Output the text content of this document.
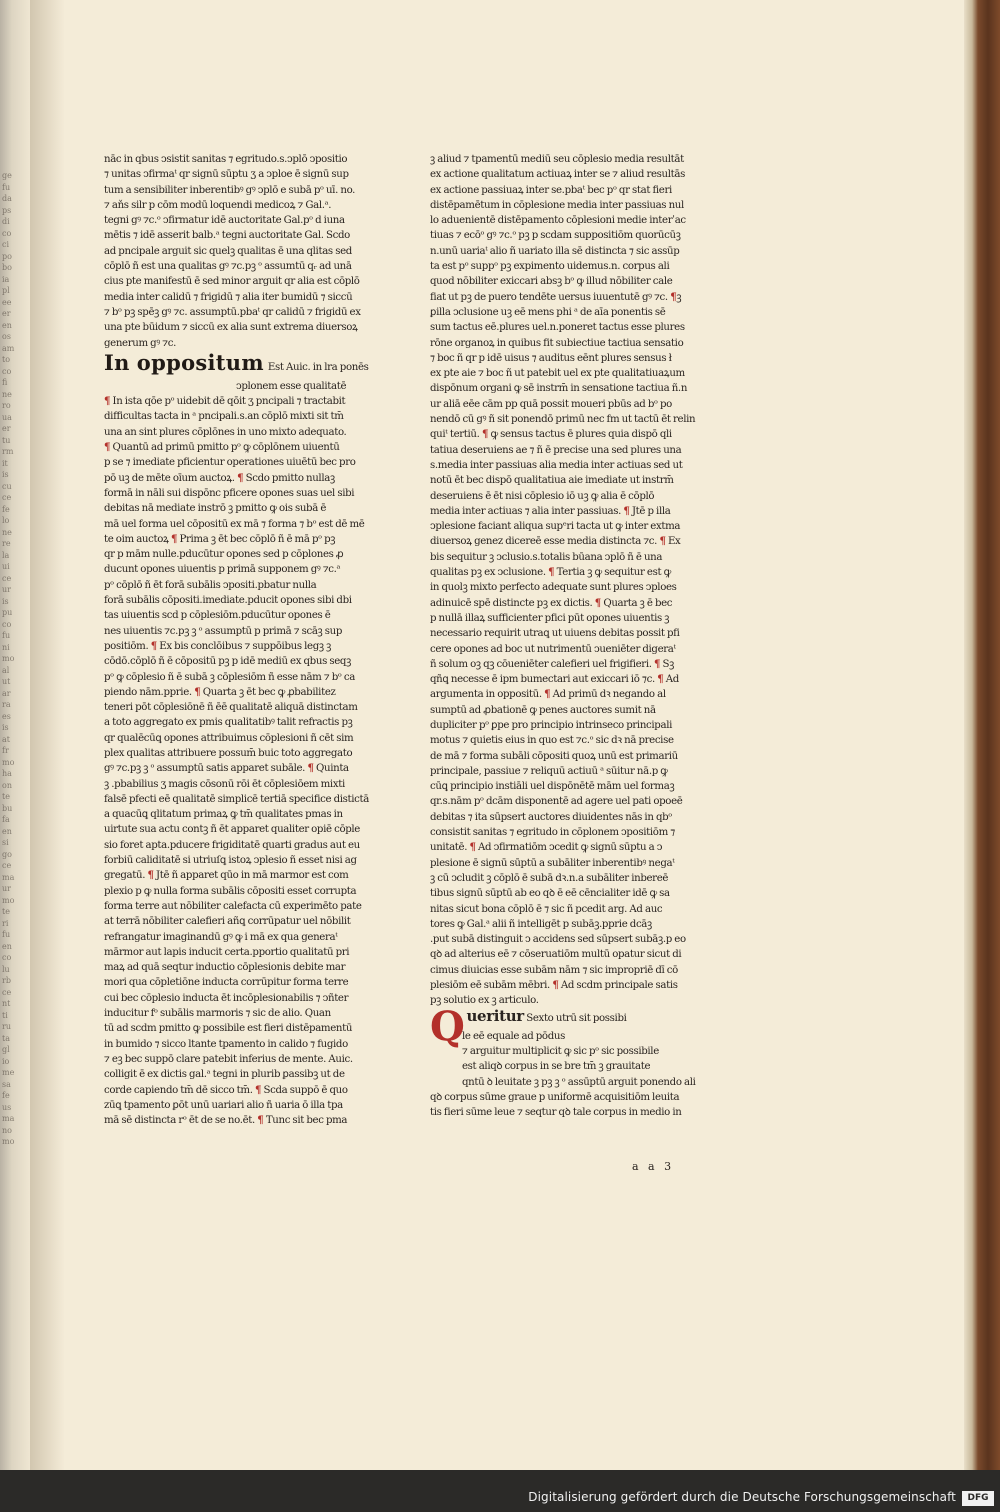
ge
fu
da
ps
di
co
ci
po
bo
ia
pl
ee
er
en
os
am
to
co
fi
ne
ro
ua
er
tu
rm
it
is
cu
ce
fe
lo
ne
re
la
ui
ce
ur
is
pu
co
fu
ni
mo
al
ut
ar
ra
es
is
at
fr
mo
ha
on
te
bu
fa
en
si
go
ce
ma
ur
mo
te
ri
fu
en
co
lu
rb
ce
nt
ti
ru
ta
gl
io
me
sa
fe
us
ma
no
mo
nāc in qbus ↄsistit sanitas ⁊ egritudo.s.ↄplō ↄpositio
⁊ unitas ↄfirmaᵗ qr signū sūptu ʒ a ↄploe ē signū sup
tum a sensibiliter inberentibꝰ gꝰ ↄplō e subā pᵒ uī. no.
⁊ aňs silr p cōm modū loquendi medicoꝝ ⁊ Gal.ᵃ.
tegni gꝰ ⁊c.ᵒ ↄfirmatur idē auctoritate Gal.pᵒ d iuna
mētis ⁊ idē asserit balb.ᵃ tegni auctoritate Gal. Scdo
ad pncipale arguit sic quelꝫ qualitas ē una qlitas sed
cōplō ñ est una qualitas gꝰ ⁊c.pꝫ ᵒ assumtū qᵣ ad unā
cius pte manifestū ē sed minor arguit qr alia est cōplō
media inter calidū ⁊ frigidū ⁊ alia iter bumidū ⁊ siccū
⁊ bᵒ pꝫ spēꝫ gꝰ ⁊c. assumptū.pbaᵗ qr calidū ⁊ frigidū ex
una pte būidum ⁊ siccū ex alia sunt extrema diuersoꝝ
generum gꝰ ⁊c.
In oppositum Est Auic. in lra ponēs
ↄplonem esse qualitatē
¶ In ista qōe pᵒ uidebit dē qōit ʒ pncipali ⁊ tractabit
difficultas tacta in ᵃ pncipali.s.an cōplō mixti sit tm̄
una an sint plures cōplōnes in uno mixto adequato.
¶ Quantū ad primū pmitto pᵒ ꝙ cōplōnem uiuentū
p se ⁊ imediate pficientur operationes uiuētū bec pro
pō uꝫ de mēte oīum auctoꝝ. ¶ Scdo pmitto nullaꝫ
formā in nāli sui dispōnc pficere opones suas uel sibi
debitas nā mediate instrō ꝫ pmitto ꝙ ois subā ē
mā uel forma uel cōpositū ex mā ⁊ forma ⁊ bᵒ est dē mē
te oim auctoꝝ ¶ Prima ꝫ ēt bec cōplō ñ ē mā pᵒ pꝫ
qr p mām nulle.pducūtur opones sed p cōplones ꝓ
ducunt opones uiuentis p primā supponem gꝰ ⁊c.ᵃ
pᵒ cōplō ñ ēt forā subālis ↄpositi.pbatur nulla
forā subālis cōpositi.imediate.pducit opones sibi dbi
tas uiuentis scd p cōplesiōm.pducūtur opones ē
nes uiuentis ⁊c.pꝫ ꝫ ᵒ assumptū p primā ⁊ scāꝫ sup
positiōm. ¶ Ex bis conclōibus ⁊ suppōibus legꝫ ꝫ
cōdō.cōplō ñ ē cōpositū pꝫ p idē mediū ex qbus seqꝫ
pᵒ ꝙ cōplesio ñ ē subā ꝫ cōplesiōm ñ esse nām ⁊ bᵒ ca
piendo nām.pprie. ¶ Quarta ꝫ ēt bec ꝙ ꝓbabilitez
teneri pōt cōplesiōnē ñ ēē qualitatē aliquā distinctam
a toto aggregato ex pmis qualitatibꝰ talit refractis pꝫ
qr qualēcūꝗ opones attribuimus cōplesioni ñ cēt sim
plex qualitas attribuere possum̄ buic toto aggregato
gꝰ ⁊c.pꝫ ꝫ ᵒ assumptū satis apparet subāle. ¶ Quinta
ꝫ .pbabilius ʒ magis cōsonū rōi ēt cōplesiōem mixti
falsē pfecti eē qualitatē simplicē tertiā specifice distictā
a quacūꝗ qlitatum primaꝝ ꝙ tm̄ qualitates pmas in
uirtute sua actu contꝫ ñ ēt apparet qualiter opiē cōple
sio foret apta.pducere frigiditatē quarti gradus aut eu
forbiū caliditatē si utriuſꝗ istoꝝ ↄplesio ñ esset nisi ag
gregatū. ¶ Jtē ñ apparet qūo in mā marmor est com
plexio p ꝙ nulla forma subālis cōpositi esset corrupta
forma terre aut nōbiliter calefacta cū experimēto pate
at terrā nōbiliter calefieri añꝗ corrūpatur uel nōbilit
refrangatur imaginandū gꝰ ꝙ i mā ex qua generaᵗ
mārmor aut lapis inducit certa.pportio qualitatū pri
maꝝ ad quā seqtur inductio cōplesionis debite mar
mori qua cōpletiōne inducta corrūpitur forma terre
cui bec cōplesio inducta ēt incōplesionabilis ⁊ ↄñter
inducitur fᵒ subālis marmoris ⁊ sic de alio. Quan
tū ad scdm pmitto ꝙ possibile est fieri distēpamentū
in bumido ⁊ sicco ltante tpamento in calido ⁊ fugido
⁊ eꝫ bec suppō clare patebit inferius de mente. Auic.
colligit ē ex dictis gal.ᵃ tegni in plurib ꝑassibꝫ ut de
corde capiendo tm̄ dē sicco tm̄. ¶ Scda suppō ē quo
zūꝗ tpamento ꝑōt unū uariari alio ñ uaria ō illa tpa
mā sē distincta rᵒ ēt de se no.ēt. ¶ Tunc sit bec pma
ꝫ aliud ⁊ tpamentū mediū seu cōplesio media resultāt
ex actione qualitatum actiuaꝝ inter se ⁊ aliud resultās
ex actione passiuaꝝ inter se.pbaᵗ bec pᵒ qr stat fieri
distēpamētum in cōplesione media inter passiuas nul
lo aduenientē distēpamento cōplesioni medie interˈac
tiuas ⁊ ecōᵒ gꝰ ⁊c.ᵒ pꝫ p scdam suppositiōm quorūcūꝫ
n.unū uariaᵗ alio ñ uariato illa sē distincta ⁊ sic assūp
ta est pᵒ suppᵒ pꝫ expimento uidemus.n. corpus ali
quod nōbiliter exiccari absꝫ bᵒ ꝙ illud nōbiliter cale
fiat ut pꝫ de puero tendēte uersus iuuentutē gꝰ ⁊c. ¶ꝫ
ꝑilla ↄclusione uꝫ eē mens phi ᵃ de aīa ponentis sē
sum tactus eē.plures uel.n.poneret tactus esse plures
rōne organoꝝ in quibus fit subiectiue tactiua sensatio
⁊ boc ñ qr p idē uisus ⁊ auditus eēnt plures sensus ł
ex pte aie ⁊ boc ñ ut patebit uel ex pte qualitatiuaꝝum
dispōnum organi ꝙ sē instrm̄ in sensatione tactiua ñ.n
ur aliā eēe cām pp quā possit moueri pbūs ad bᵒ po
nendō cū gꝰ ñ sit ponendō primū nec fm ut tactū ēt relin
quiᵗ tertiū. ¶ ꝙ sensus tactus ē plures quia dispō qli
tatiua deseruiens ae ⁊ ñ ē precise una sed plures una
s.media inter passiuas alia media inter actiuas sed ut
notū ēt bec dispō qualitatiua aie imediate ut instrm̄
deseruiens ē ēt nisi cōplesio iō uꝫ ꝙ alia ē cōplō
media inter actiuas ⁊ alia inter passiuas. ¶ Jtē p illa
ↄplesione faciant aliqua supᵉri tacta ut ꝙ inter extma
diuersoꝝ genez dicereē esse media distincta ⁊c. ¶ Ex
bis sequitur ꝫ ↄclusio.s.totalis būana ↄplō ñ ē una
qualitas pꝫ ex ↄclusione. ¶ Tertia ꝫ ꝙ sequitur est ꝙ
in quolꝫ mixto perfecto adequate sunt plures ↄploes
adinuicē spē distincte pꝫ ex dictis. ¶ Quarta ꝫ ē bec
p nullā illaꝝ sufficienter pfici pūt opones uiuentis ꝫ
necessario requirit utraꝗ ut uiuens debitas possit pfi
cere opones ad boc ut nutrimentū ↄueniēter digeraᵗ
ñ solum oꝫ qꝫ cōueniēter calefieri uel frigifieri. ¶ Sꝫ
qñꝗ necesse ē ipm bumectari aut exiccari iō ⁊c. ¶ Ad
argumenta in oppositū. ¶ Ad primū dꝛ negando al
sumptū ad ꝓbationē ꝙ penes auctores sumit nā
dupliciter pᵒ ꝑpe pro principio intrinseco principali
motus ⁊ quietis eius in quo est ⁊c.ᵒ sic dꝛ nā precise
de mā ⁊ forma subāli cōpositi quoꝝ unū est primariū
principale, passiue ⁊ reliquū actiuū ᵃ sūitur nā.p ꝙ
cūꝗ principio instiāli uel dispōnētē mām uel formaꝫ
qr.s.nām pᵒ dcām disponentē ad agere uel pati opoeē
debitas ⁊ ita sūpsert auctores diuidentes nās in qbᵒ
consistit sanitas ⁊ egritudo in cōplonem ↄpositiōm ⁊
unitatē. ¶ Ad ↄfirmatiōm ↄcedit ꝙ signū sūptu a ↄ
plesione ē signū sūptū a subāliter inberentibꝰ negaᵗ
ꝫ cū ↄcludit ꝫ cōplō ē subā dꝛ.n.a subāliter inbereē
tibus signū sūptū ab eo qꝺ ē eē cēncialiter idē ꝙ sa
nitas sicut bona cōplō ē ⁊ sic ñ pcedit arg. Ad auc
tores ꝙ Gal.ᵃ alii ñ intelligēt p subāꝫ.pprie dcāꝫ
.put subā distinguit ↄ accidens sed sūpsert subāꝫ.p eo
qꝺ ad alterius eē ⁊ cōseruatiōm multū opatur sicut di
cimus diuicias esse subām nām ⁊ sic impropriē dī cō
plesiōm eē subām mēbri. ¶ Ad scdm principale satis
pꝫ solutio ex ꝫ articulo.
Queritur Sexto utrū sit possibi
le eē equale ad pōdus
⁊ arguitur multiplicit ꝙ sic pᵒ sic possibile
est aliqꝺ corpus in se bre tm̄ ꝫ grauitate
qntū ꝺ leuitate ꝫ pꝫ ꝫ ᵒ assūptū arguit ponendo ali
qꝺ corpus sūme graue p uniformē acquisitiōm leuita
tis fieri sūme leue ⁊ seqtur qꝺ tale corpus in medio in
a a 3
Digitalisierung gefördert durch die Deutsche Forschungsgemeinschaft	DFG
